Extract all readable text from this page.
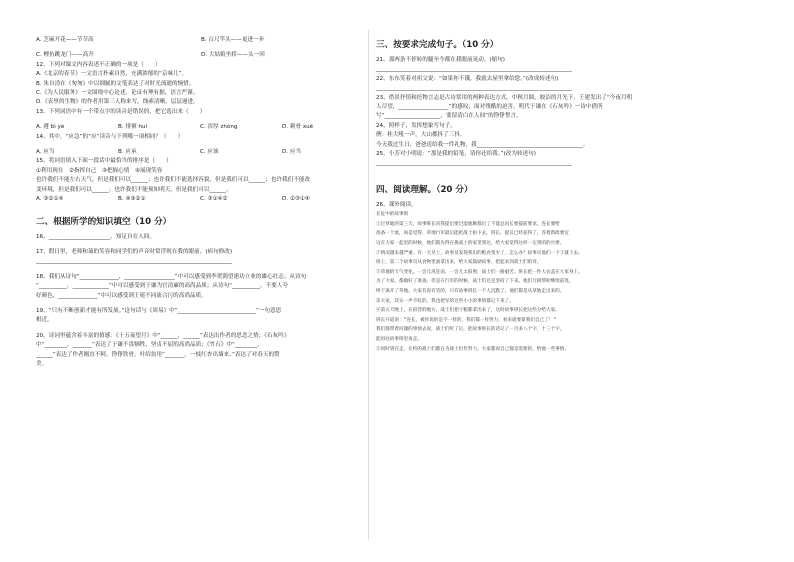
A. 芝麻开花——节节高	B. 百尺竿头——更进一步
C. 鲤鱼跳龙门——高升	D. 大姑娘坐轿——头一回
12、下列对课文内容表述不正确的一项是（　　）
A.《北京的春节》一文语言朴素自然，充满浓郁的“京味儿”。
B. 朱自清在《匆匆》中以细腻的文笔表达了对时光流逝的惋惜。
C.《为人民服务》一文围绕中心论述，论证有理有据，语言严谨。
D.《表里的生物》的作者用第三人称来写，线索清晰，层层递进。
13、下列词语中有一个带点字的读音是错误的，把它选出来（　　）
A. 遵 bì yè	B. 徘徊 huí	C. 浑厚 zhòng	D. 刺骨 xuē
14、其中，“应急”的“应”读音与下列哪一项相同？（　　）
A. 应当	B. 应承	C. 应该	D. 应当
15、将词语填入下面一段话中最恰当的排序是（　　）
①利用现在　②指挥自己　③把握心情　④展现笑容
也许我们不能左右天气，但是我们可以______；也许我们不能选择容貌，但是我们可以______；也许我们不能改
变环境，但是我们可以______；也许我们不能预知明天，但是我们可以______。
A. ③②①④	B. ④③②①	C. ③①④②	D. ②③①④
二、根据所学的知识填空（10 分）
16、______________________，知足自在人间。
17、假日里，老师和蔼的笑容和同学们的声音时常浮现在我的眼前。(病句修改)
______________________________________________________________________
18、我们从诗句“______________，__________________”中可以感受到李贺渴望建功立业的雄心壮志；从诗句
“__________，_____________”中可以感受到于谦为官清廉的高尚品质；从诗句“__________，不要人夸
好颜色，______________”中可以感受到王冕不同流合污的高尚品质。
19、“只有不断创新才能有所发展。”这句话与《周易》中“____________________________”一句意思
相近。
20、诗词里蕴含着丰富的情感：《十五夜望月》中“______，______”表达出作者的思念之情；《石灰吟》
中“________，_______”表达了于谦不畏牺牲、坚贞不屈的高尚品质；《竹石》中“________，
______”表达了作者刚直不阿、铮铮铁骨。叶绍翁用“_______，一枝红杏出墙来。”表达了对春天的赞
美。
三、按要求完成句子。（10 分）
21、那两条不停转的腿至今都在我眼前晃动。(缩句)
______________________________________________________________________
22、东东笑着对祖父说：“如果你不饿，我就去屋里拿给您。”(改成转述句)
______________________________________________________________________
23、借景抒情和托物言志是古诗常用的两种表达方式。中秋月圆，皎洁的月光下，王建发出了“今夜月明
人尽望，__________________”的感叹；面对残酷的迫害，明代于谦在《石灰吟》一诗中借所
写“____________________，要留清白在人间”的铮铮誓言。
24、照样子，发挥想象写句子。
例：桂大吼一声，大山都抖了三抖。
今天我过生日，爸爸送给我一件礼物，我______________________________________。
25、小芳对小明说：“那是我的铅笔，请你还给我。”(改为转述句)
______________________________________________________________________
四、阅读理解。（20 分）
26、课外阅读。
长征中的故事班
①过草地的第三天，故事班长向我提出要过湿地顺都出了不能总再长要提前要求。连长要给
准备一个流，尚是觉得，草地行军最后能把战士拍下去，班长、提议已经获得了，答着新政要宜
这在大家一起里的时候，他们就先得在挑战士的家里到达，给大家觉得这样一定到的的兵要。
②情况越来越严重。有一天早上，故事员发现我们的粮食变少了，怎么办？故事员他们一下子就下去。
班上，第二个故事员从食物里面拿出来，给大家鼓励故事，把起来到战士们的对。
③草地的天气变化。一会儿风狂雨，一会儿太阳照，战士们一路艰苦。班长把一件大衣盖在大家身上。
为了大家，都做好了准备，但是在行军的时候，战士们还是坚持了下来。他们互相帮助继续前进，
终于离开了草地。大家有说有笑的，只有故事班长一个人沉默了。他们都是从草地走出来的。
乐大家，其实一声不吭的，我也把军的这些小小的事情都记下来了。
④第五天晚上，在宿营的地方，战士们把干粮都拿出来了，这时故事班长把这些分给大家。
班长开道说：“连长，被你说的是不一样的，我们都一样努力，看来就要靠我们自己了！”
我们都带着问题的事情去说，战士们听了后，把故事班长的话记了一百多八个字，十三个字。
能再往故事班里再走。
⑤同时到在走，在校的战士们都在为战士们作努力，大家都说自己都是需要的，给他一些事情。
